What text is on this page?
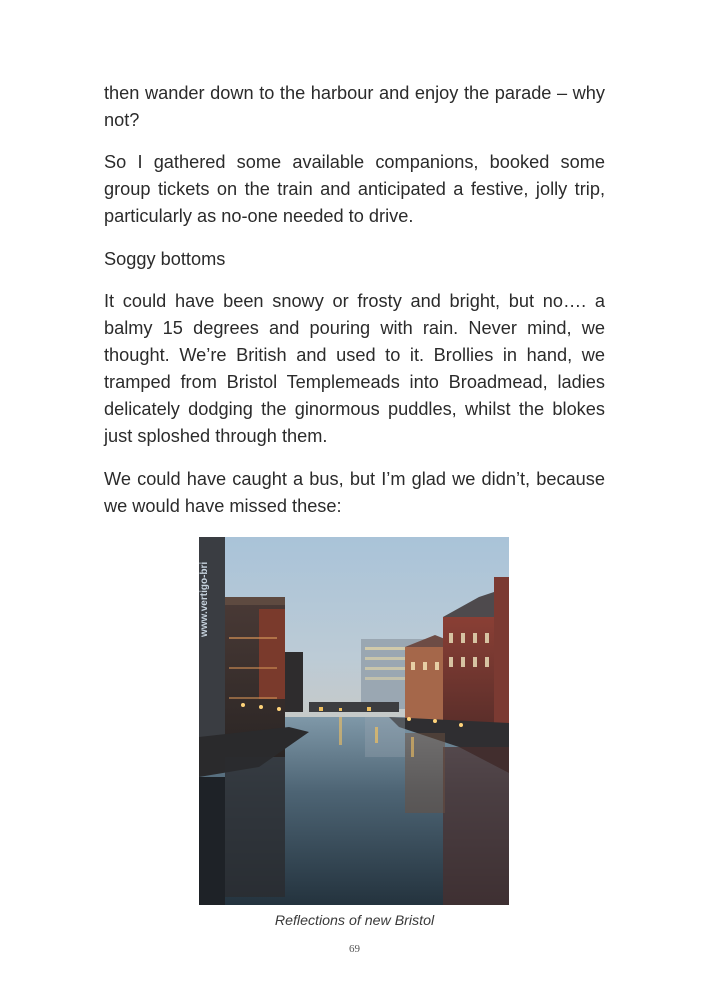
then wander down to the harbour and enjoy the parade – why not?

So I gathered some available companions, booked some group tickets on the train and anticipated a festive, jolly trip, particularly as no-one needed to drive.

Soggy bottoms

It could have been snowy or frosty and bright, but no…. a balmy 15 degrees and pouring with rain. Never mind, we thought. We’re British and used to it. Brollies in hand, we tramped from Bristol Templemeads into Broadmead, ladies delicately dodging the ginormous puddles, whilst the blokes just sploshed through them.

We could have caught a bus, but I’m glad we didn’t, because we would have missed these:

www.vertigo-bri
Reflections of new Bristol
69
